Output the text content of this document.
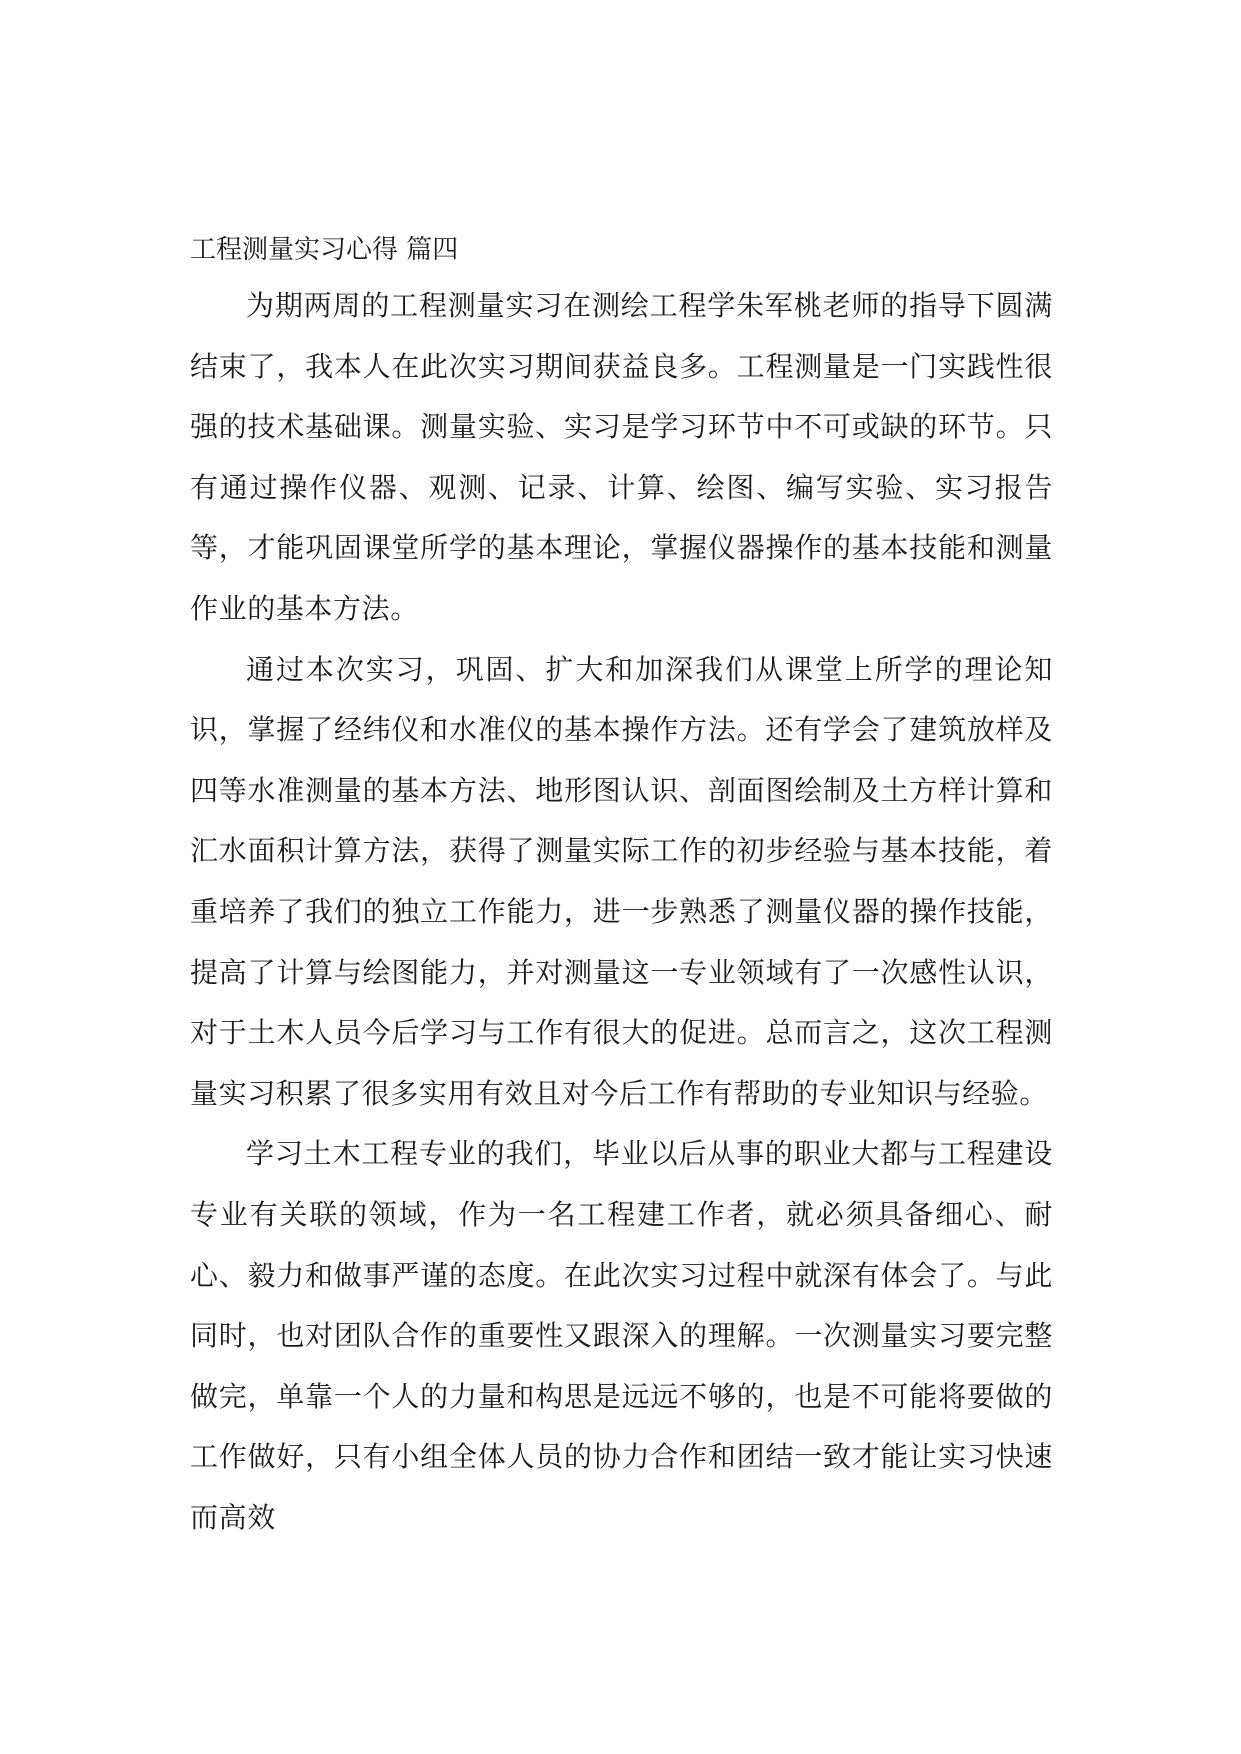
工程测量实习心得 篇四

为期两周的工程测量实习在测绘工程学朱军桃老师的指导下圆满结束了，我本人在此次实习期间获益良多。工程测量是一门实践性很强的技术基础课。测量实验、实习是学习环节中不可或缺的环节。只有通过操作仪器、观测、记录、计算、绘图、编写实验、实习报告等，才能巩固课堂所学的基本理论，掌握仪器操作的基本技能和测量作业的基本方法。

通过本次实习，巩固、扩大和加深我们从课堂上所学的理论知识，掌握了经纬仪和水准仪的基本操作方法。还有学会了建筑放样及四等水准测量的基本方法、地形图认识、剖面图绘制及土方样计算和汇水面积计算方法，获得了测量实际工作的初步经验与基本技能，着重培养了我们的独立工作能力，进一步熟悉了测量仪器的操作技能，提高了计算与绘图能力，并对测量这一专业领域有了一次感性认识，对于土木人员今后学习与工作有很大的促进。总而言之，这次工程测量实习积累了很多实用有效且对今后工作有帮助的专业知识与经验。

学习土木工程专业的我们，毕业以后从事的职业大都与工程建设专业有关联的领域，作为一名工程建工作者，就必须具备细心、耐心、毅力和做事严谨的态度。在此次实习过程中就深有体会了。与此同时，也对团队合作的重要性又跟深入的理解。一次测量实习要完整做完，单靠一个人的力量和构思是远远不够的，也是不可能将要做的工作做好，只有小组全体人员的协力合作和团结一致才能让实习快速而高效
